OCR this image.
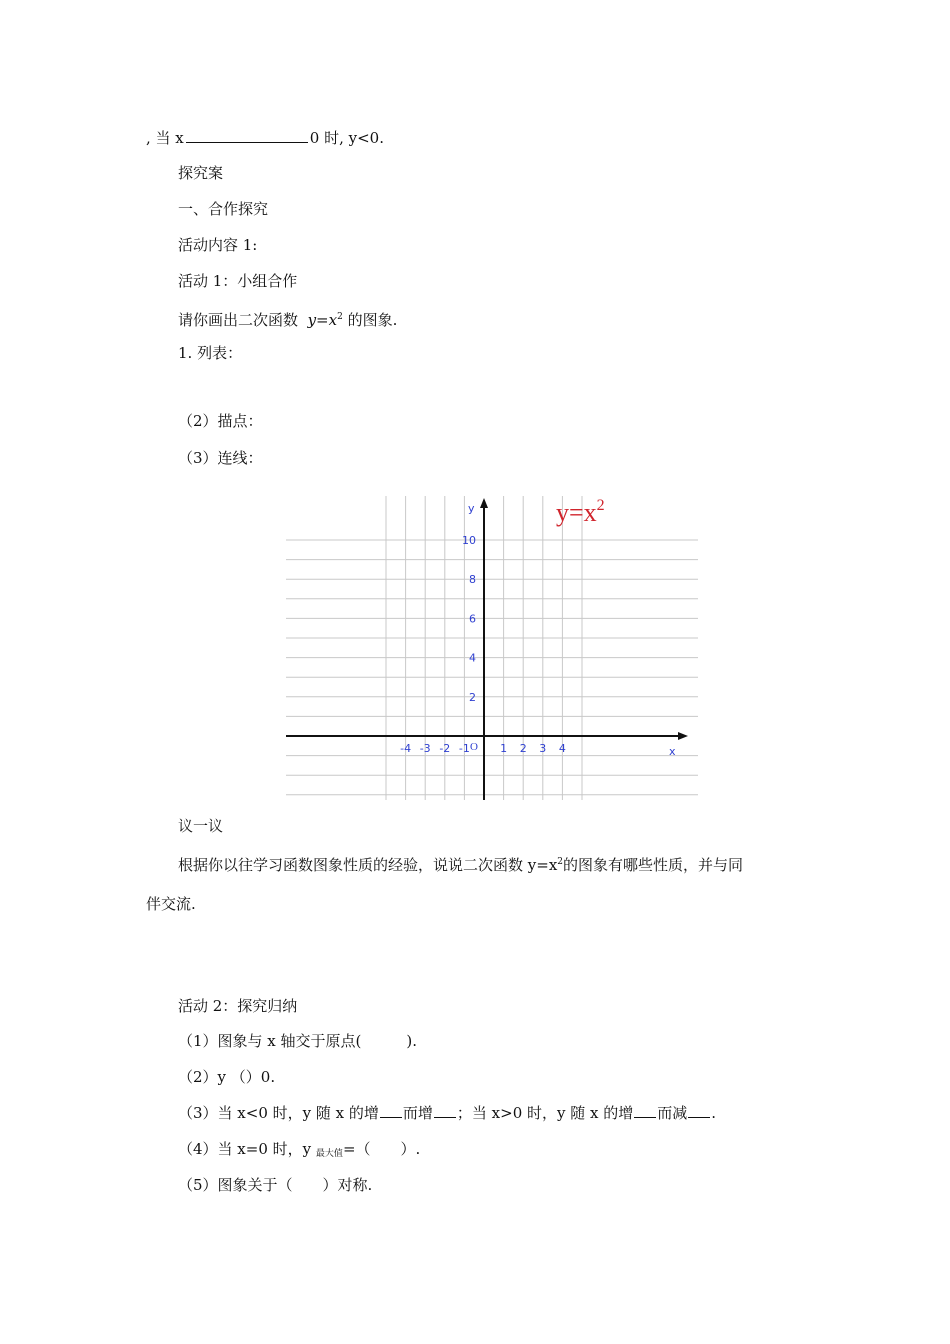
, 当 x	0 时, y<0.
探究案
一、合作探究
活动内容 1:
活动 1：小组合作
请你画出二次函数 $y=x^2$ 的图象.
1. 列表：
（2）描点：
（3）连线：
-4 -3 -2 -1	1 2 3 4
2
4
6
8
10
O	x
y	$y=x^2$
议一议
根据你以往学习函数图象性质的经验，说说二次函数 $y=x^2$的图象有哪些性质，并与同
伴交流.
活动 2：探究归纳
（1）图象与 x 轴交于原点(　　　).
（2）y （）0.
（3）当 x<0 时，y 随 x 的增 而增 ；当 x>0 时，y 随 x 的增 而减 .
（4）当 x=0 时，y $_{最大值}$=（　　）.
（5）图象关于（　　）对称.
